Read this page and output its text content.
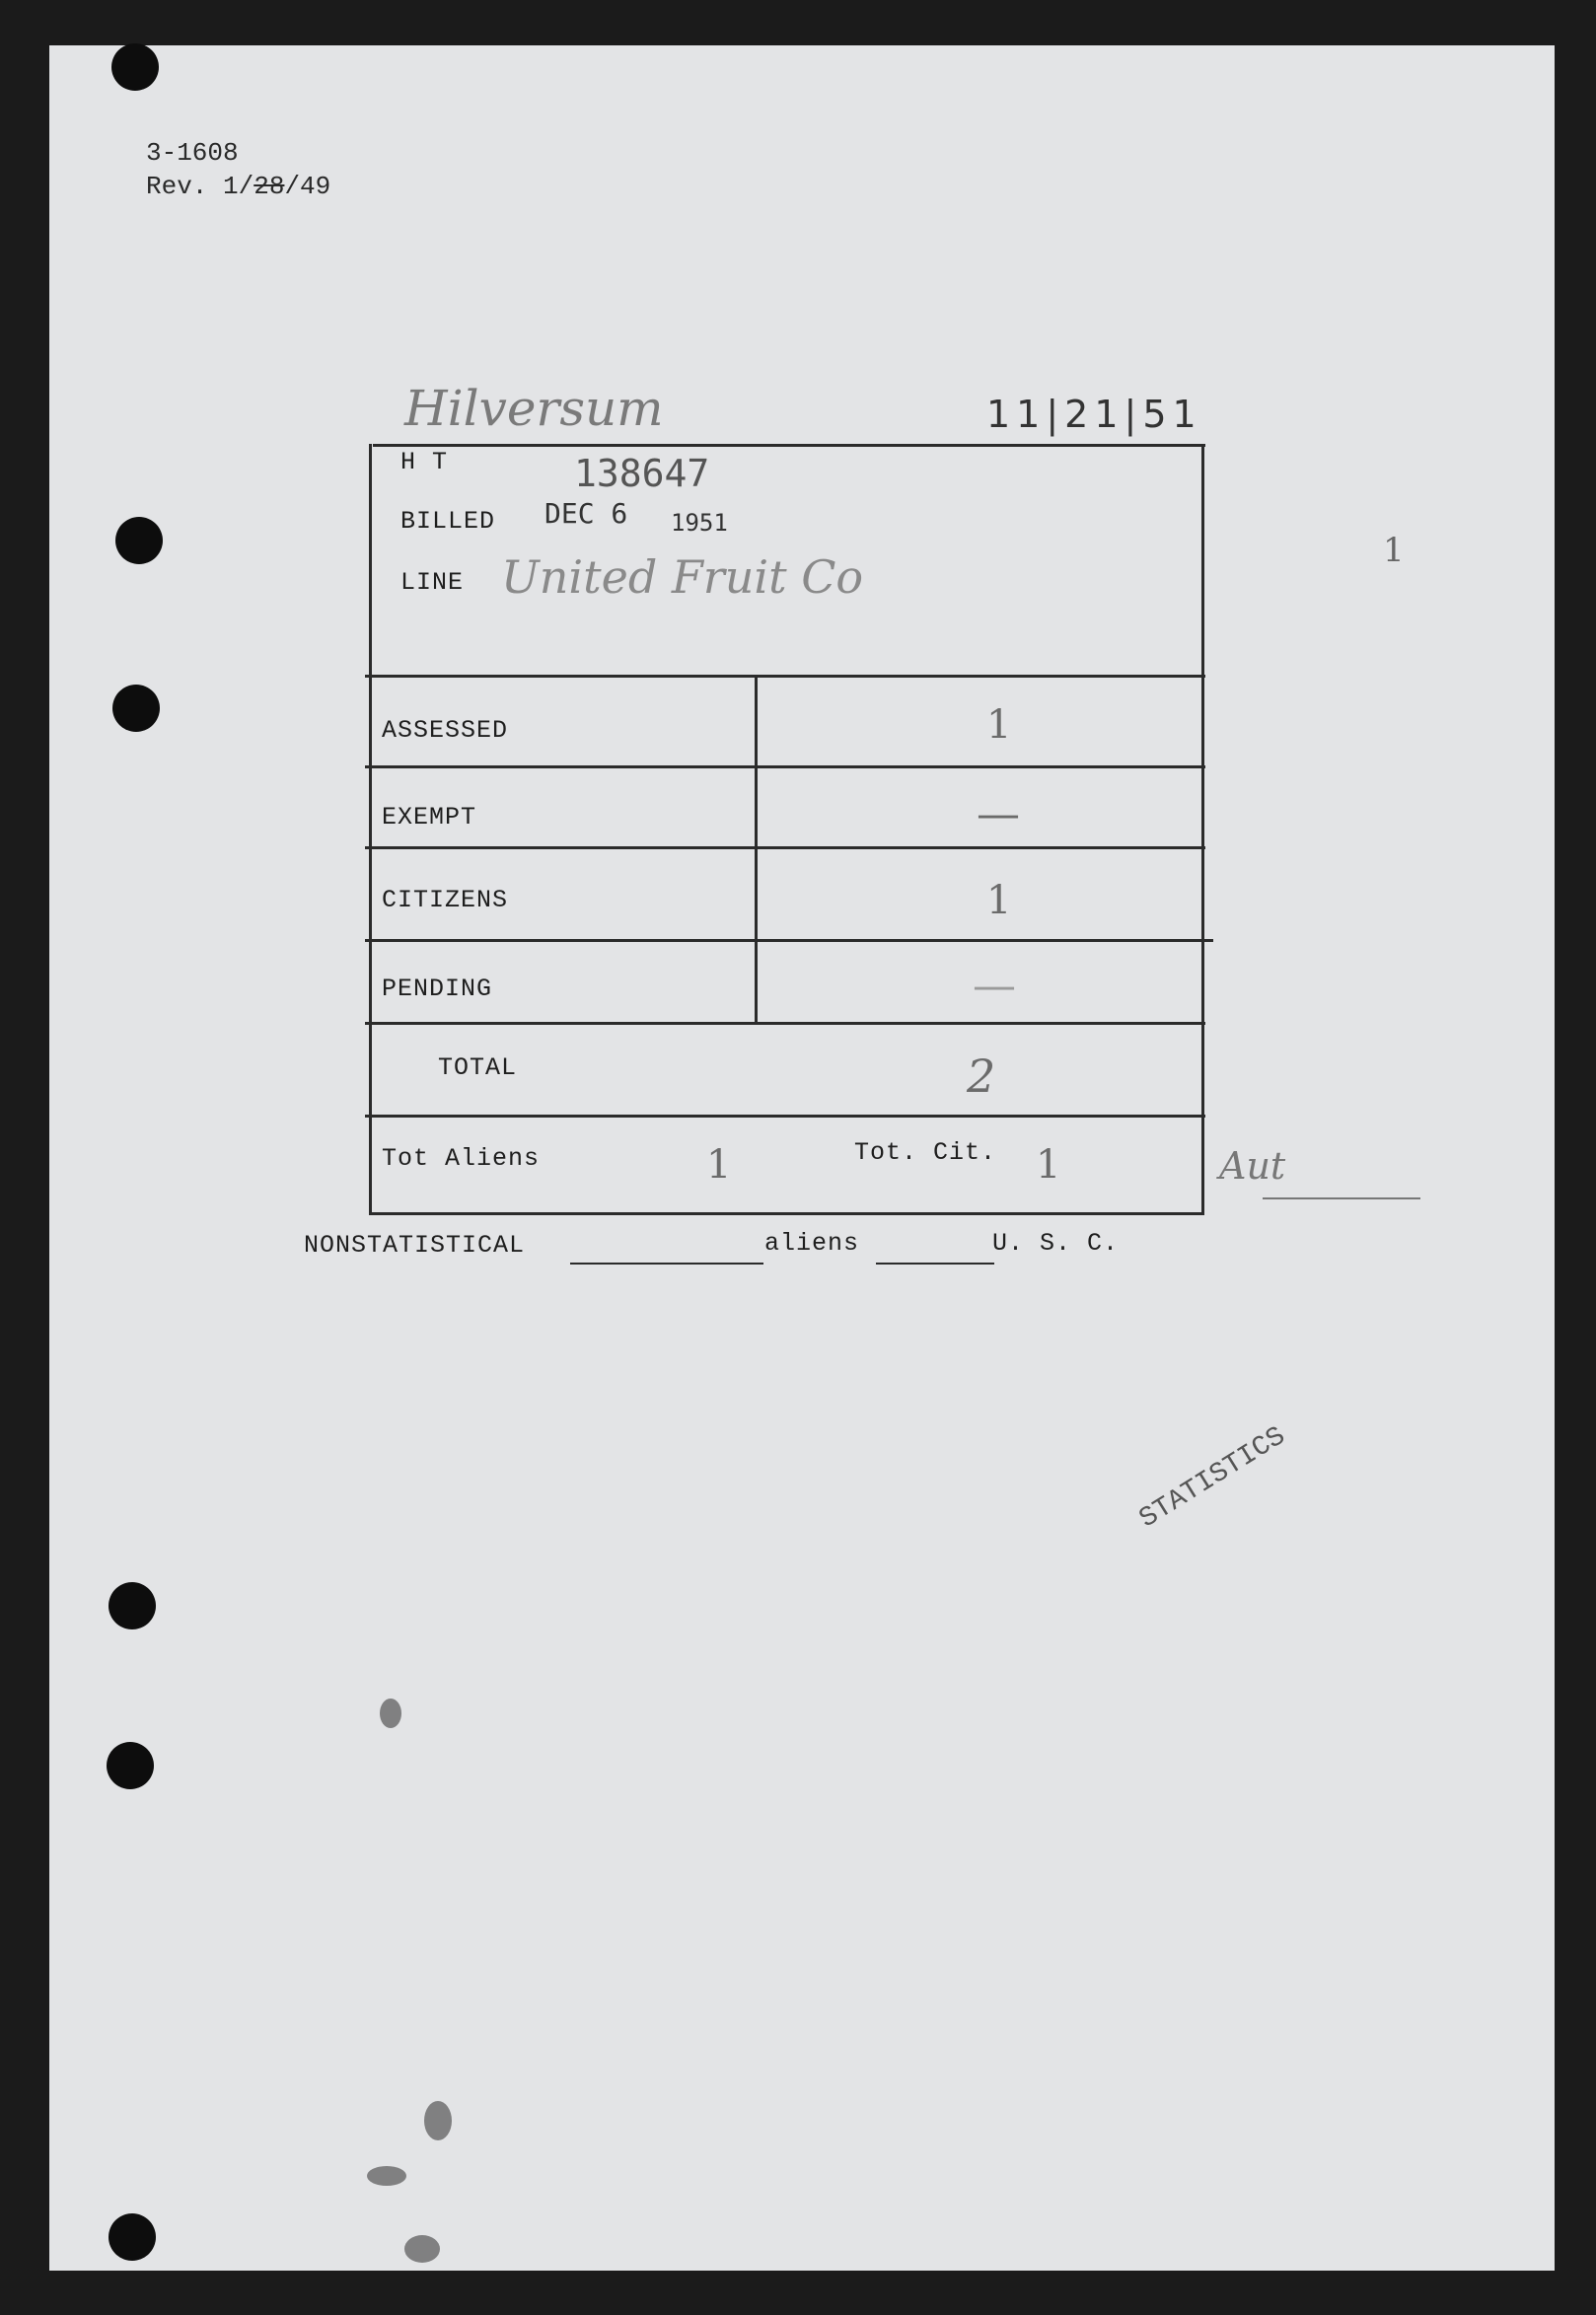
3-1608
Rev. 1/28/49
Hilversum	11|21|51
H T	138647
BILLED DEC 6 1951
LINE United Fruit Co
ASSESSED	1
EXEMPT	—
CITIZENS	1
PENDING	—
TOTAL	2
Tot Aliens	1	Tot. Cit. 1	Aut
NONSTATISTICAL	aliens	U. S. C.
STATISTICS
1
